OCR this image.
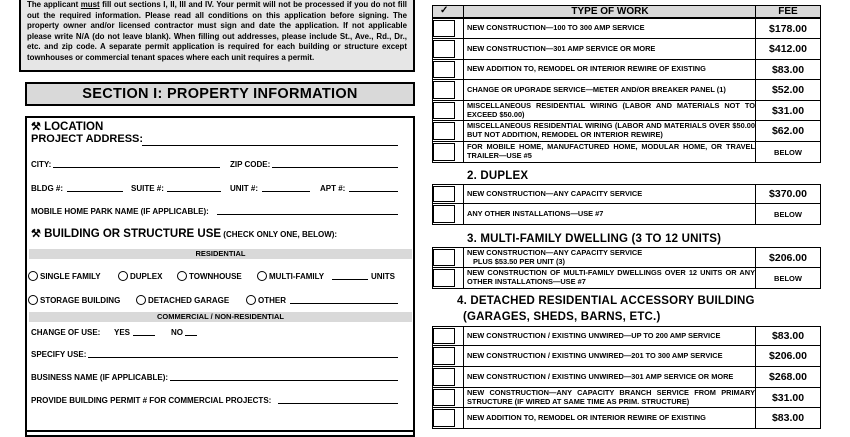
The applicant must fill out sections I, II, III and IV. Your permit will not be processed if you do not fill out the required information. Please read all conditions on this application before signing. The property owner and/or licensed contractor must sign and date the application. If not applicable please write N/A (do not leave blank). When filling out addresses, please include St., Ave., Rd., Dr., etc. and zip code. A separate permit application is required for each building or structure except townhouses or commercial tenant spaces where each unit requires a permit.
SECTION I: PROPERTY INFORMATION
⚒ LOCATION
PROJECT ADDRESS:
CITY:	ZIP CODE:
BLDG #:	SUITE #:	UNIT #:	APT #:
MOBILE HOME PARK NAME (IF APPLICABLE):
⚒ BUILDING OR STRUCTURE USE (CHECK ONLY ONE, BELOW):
RESIDENTIAL
SINGLE FAMILY	DUPLEX	TOWNHOUSE	MULTI-FAMILY	UNITS
STORAGE BUILDING	DETACHED GARAGE	OTHER
COMMERCIAL / NON-RESIDENTIAL
CHANGE OF USE: YES	NO
SPECIFY USE:
BUSINESS NAME (IF APPLICABLE):
PROVIDE BUILDING PERMIT # FOR COMMERCIAL PROJECTS:
✓	TYPE OF WORK	FEE
NEW CONSTRUCTION—100 TO 300 AMP SERVICE	$178.00
NEW CONSTRUCTION—301 AMP SERVICE OR MORE	$412.00
NEW ADDITION TO, REMODEL OR INTERIOR REWIRE OF EXISTING	$83.00
CHANGE OR UPGRADE SERVICE—METER AND/OR BREAKER PANEL (1)	$52.00
MISCELLANEOUS RESIDENTIAL WIRING (LABOR AND MATERIALS NOT TO EXCEED $50.00)	$31.00
MISCELLANEOUS RESIDENTIAL WIRING (LABOR AND MATERIALS OVER $50.00 BUT NOT ADDITION, REMODEL OR INTERIOR REWIRE)	$62.00
FOR MOBILE HOME, MANUFACTURED HOME, MODULAR HOME, OR TRAVEL TRAILER—USE #5	BELOW
2. DUPLEX
NEW CONSTRUCTION—ANY CAPACITY SERVICE	$370.00
ANY OTHER INSTALLATIONS—USE #7	BELOW
3. MULTI-FAMILY DWELLING (3 TO 12 UNITS)
NEW CONSTRUCTION—ANY CAPACITY SERVICE
PLUS $53.50 PER UNIT (3)	$206.00
NEW CONSTRUCTION OF MULTI-FAMILY DWELLINGS OVER 12 UNITS OR ANY OTHER INSTALLATIONS—USE #7	BELOW
4. DETACHED RESIDENTIAL ACCESSORY BUILDING
(GARAGES, SHEDS, BARNS, ETC.)
NEW CONSTRUCTION / EXISTING UNWIRED—UP TO 200 AMP SERVICE	$83.00
NEW CONSTRUCTION / EXISTING UNWIRED—201 TO 300 AMP SERVICE	$206.00
NEW CONSTRUCTION / EXISTING UNWIRED—301 AMP SERVICE OR MORE	$268.00
NEW CONSTRUCTION—ANY CAPACITY BRANCH SERVICE FROM PRIMARY STRUCTURE (IF WIRED AT SAME TIME AS PRIM. STRUCTURE)	$31.00
NEW ADDITION TO, REMODEL OR INTERIOR REWIRE OF EXISTING	$83.00
